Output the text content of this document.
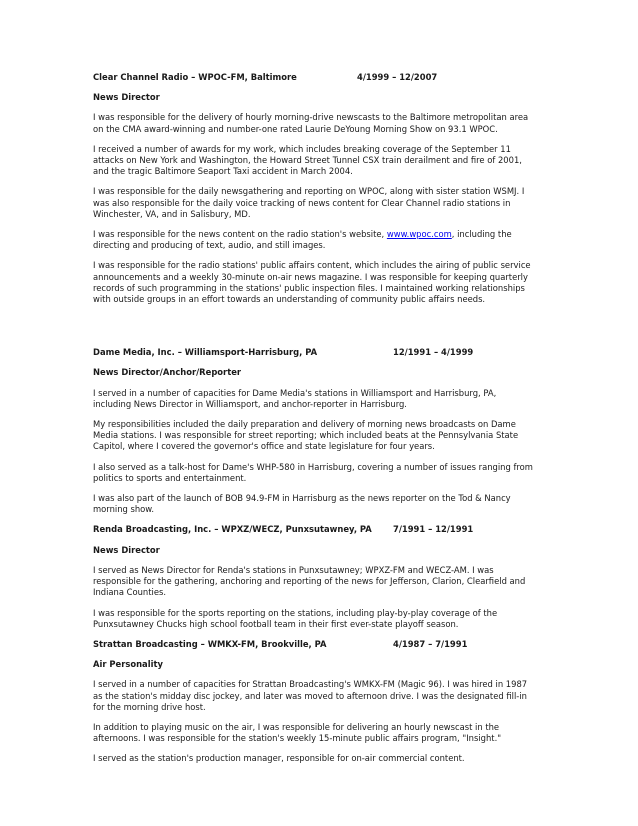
Clear Channel Radio – WPOC-FM, Baltimore	4/1999 – 12/2007
News Director

I was responsible for the delivery of hourly morning-drive newscasts to the Baltimore metropolitan area on the CMA award-winning and number-one rated Laurie DeYoung Morning Show on 93.1 WPOC.

I received a number of awards for my work, which includes breaking coverage of the September 11 attacks on New York and Washington, the Howard Street Tunnel CSX train derailment and fire of 2001, and the tragic Baltimore Seaport Taxi accident in March 2004.

I was responsible for the daily newsgathering and reporting on WPOC, along with sister station WSMJ. I was also responsible for the daily voice tracking of news content for Clear Channel radio stations in Winchester, VA, and in Salisbury, MD.

I was responsible for the news content on the radio station's website, www.wpoc.com, including the directing and producing of text, audio, and still images.

I was responsible for the radio stations' public affairs content, which includes the airing of public service announcements and a weekly 30-minute on-air news magazine. I was responsible for keeping quarterly records of such programming in the stations' public inspection files. I maintained working relationships with outside groups in an effort towards an understanding of community public affairs needs.

Dame Media, Inc. – Williamsport-Harrisburg, PA	12/1991 – 4/1999
News Director/Anchor/Reporter

I served in a number of capacities for Dame Media's stations in Williamsport and Harrisburg, PA, including News Director in Williamsport, and anchor-reporter in Harrisburg.

My responsibilities included the daily preparation and delivery of morning news broadcasts on Dame Media stations. I was responsible for street reporting; which included beats at the Pennsylvania State Capitol, where I covered the governor's office and state legislature for four years.

I also served as a talk-host for Dame's WHP-580 in Harrisburg, covering a number of issues ranging from politics to sports and entertainment.

I was also part of the launch of BOB 94.9-FM in Harrisburg as the news reporter on the Tod & Nancy morning show.

Renda Broadcasting, Inc. – WPXZ/WECZ, Punxsutawney, PA	7/1991 – 12/1991
News Director

I served as News Director for Renda's stations in Punxsutawney; WPXZ-FM and WECZ-AM. I was responsible for the gathering, anchoring and reporting of the news for Jefferson, Clarion, Clearfield and Indiana Counties.

I was responsible for the sports reporting on the stations, including play-by-play coverage of the Punxsutawney Chucks high school football team in their first ever-state playoff season.

Strattan Broadcasting – WMKX-FM, Brookville, PA	4/1987 – 7/1991
Air Personality

I served in a number of capacities for Strattan Broadcasting's WMKX-FM (Magic 96). I was hired in 1987 as the station's midday disc jockey, and later was moved to afternoon drive. I was the designated fill-in for the morning drive host.

In addition to playing music on the air, I was responsible for delivering an hourly newscast in the afternoons. I was responsible for the station's weekly 15-minute public affairs program, "Insight."

I served as the station's production manager, responsible for on-air commercial content.
